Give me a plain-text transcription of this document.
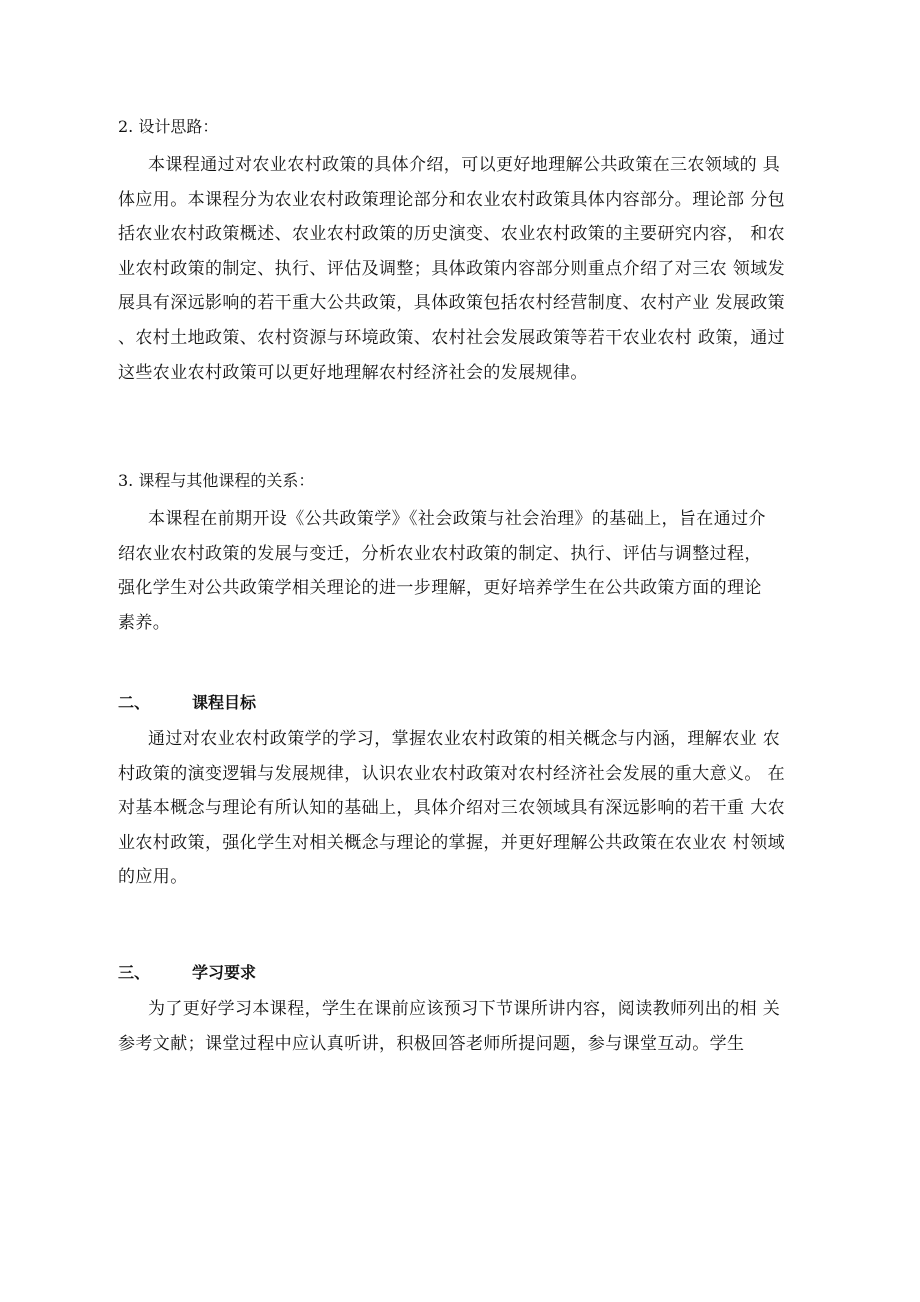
2. 设计思路：

本课程通过对农业农村政策的具体介绍，可以更好地理解公共政策在三农领域的 具
体应用。本课程分为农业农村政策理论部分和农业农村政策具体内容部分。理论部 分包
括农业农村政策概述、农业农村政策的历史演变、农业农村政策的主要研究内容， 和农
业农村政策的制定、执行、评估及调整；具体政策内容部分则重点介绍了对三农 领域发
展具有深远影响的若干重大公共政策，具体政策包括农村经营制度、农村产业 发展政策
、农村土地政策、农村资源与环境政策、农村社会发展政策等若干农业农村 政策，通过
这些农业农村政策可以更好地理解农村经济社会的发展规律。

3. 课程与其他课程的关系：

本课程在前期开设《公共政策学》《社会政策与社会治理》的基础上，旨在通过介
绍农业农村政策的发展与变迁，分析农业农村政策的制定、执行、评估与调整过程，
强化学生对公共政策学相关理论的进一步理解，更好培养学生在公共政策方面的理论
素养。
二、	课程目标
通过对农业农村政策学的学习，掌握农业农村政策的相关概念与内涵，理解农业 农
村政策的演变逻辑与发展规律，认识农业农村政策对农村经济社会发展的重大意义。 在
对基本概念与理论有所认知的基础上，具体介绍对三农领域具有深远影响的若干重 大农
业农村政策，强化学生对相关概念与理论的掌握，并更好理解公共政策在农业农 村领域
的应用。
三、	学习要求
为了更好学习本课程，学生在课前应该预习下节课所讲内容，阅读教师列出的相 关
参考文献；课堂过程中应认真听讲，积极回答老师所提问题，参与课堂互动。学生
